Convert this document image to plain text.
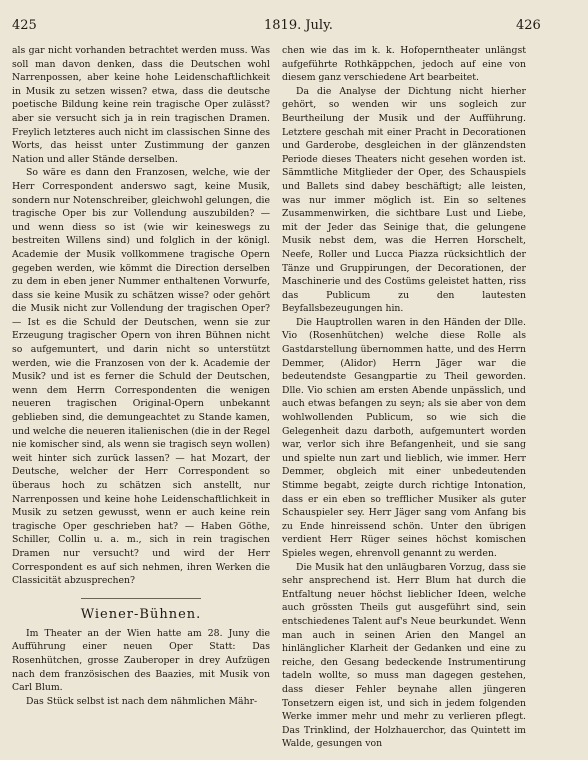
425	1819. July.	426

als gar nicht vorhanden betrachtet werden muss. Was soll man davon denken, dass die Deutschen wohl Narrenpossen, aber keine hohe Leidenschaftlichkeit in Musik zu setzen wissen? etwa, dass die deutsche poetische Bildung keine rein tragische Oper zulässt? aber sie versucht sich ja in rein tragischen Dramen. Freylich letzteres auch nicht im classischen Sinne des Worts, das heisst unter Zustimmung der ganzen Nation und aller Stände derselben.

So wäre es dann den Franzosen, welche, wie der Herr Correspondent anderswo sagt, keine Musik, sondern nur Notenschreiber, gleichwohl gelungen, die tragische Oper bis zur Vollendung auszubilden? — und wenn diess so ist (wie wir keineswegs zu bestreiten Willens sind) und folglich in der königl. Academie der Musik vollkommene tragische Opern gegeben werden, wie kömmt die Direction derselben zu dem in eben jener Nummer enthaltenen Vorwurfe, dass sie keine Musik zu schätzen wisse? oder gehört die Musik nicht zur Vollendung der tragischen Oper? — Ist es die Schuld der Deutschen, wenn sie zur Erzeugung tragischer Opern von ihren Bühnen nicht so aufgemuntert, und darin nicht so unterstützt werden, wie die Franzosen von der k. Academie der Musik? und ist es ferner die Schuld der Deutschen, wenn dem Herrn Correspondenten die wenigen neueren tragischen Original-Opern unbekannt geblieben sind, die demungeachtet zu Stande kamen, und welche die neueren italienischen (die in der Regel nie komischer sind, als wenn sie tragisch seyn wollen) weit hinter sich zurück lassen? — hat Mozart, der Deutsche, welcher der Herr Correspondent so überaus hoch zu schätzen sich anstellt, nur Narrenpossen und keine hohe Leidenschaftlichkeit in Musik zu setzen gewusst, wenn er auch keine rein tragische Oper geschrieben hat? — Haben Göthe, Schiller, Collin u. a. m., sich in rein tragischen Dramen nur versucht? und wird der Herr Correspondent es auf sich nehmen, ihren Werken die Classicität abzusprechen?

Wiener-Bühnen.

Im Theater an der Wien hatte am 28. Juny die Aufführung einer neuen Oper Statt: Das Rosenhütchen, grosse Zauberoper in drey Aufzügen nach dem französischen des Baazies, mit Musik von Carl Blum.

Das Stück selbst ist nach dem nähmlichen Mähr-

chen wie das im k. k. Hofoperntheater unlängst aufgeführte Rothkäppchen, jedoch auf eine von diesem ganz verschiedene Art bearbeitet.

Da die Analyse der Dichtung nicht hierher gehört, so wenden wir uns sogleich zur Beurtheilung der Musik und der Aufführung. Letztere geschah mit einer Pracht in Decorationen und Garderobe, desgleichen in der glänzendsten Periode dieses Theaters nicht gesehen worden ist. Sämmtliche Mitglieder der Oper, des Schauspiels und Ballets sind dabey beschäftigt; alle leisten, was nur immer möglich ist. Ein so seltenes Zusammenwirken, die sichtbare Lust und Liebe, mit der Jeder das Seinige that, die gelungene Musik nebst dem, was die Herren Horschelt, Neefe, Roller und Lucca Piazza rücksichtlich der Tänze und Gruppirungen, der Decorationen, der Maschinerie und des Costüms geleistet hatten, riss das Publicum zu den lautesten Beyfallsbezeugungen hin.

Die Hauptrollen waren in den Händen der Dlle. Vio (Rosenhütchen) welche diese Rolle als Gastdarstellung übernommen hatte, und des Herrn Demmer, (Alidor) Herrn Jäger war die bedeutendste Gesangpartie zu Theil geworden. Dlle. Vio schien am ersten Abende unpässlich, und auch etwas befangen zu seyn; als sie aber von dem wohlwollenden Publicum, so wie sich die Gelegenheit dazu darboth, aufgemuntert worden war, verlor sich ihre Befangenheit, und sie sang und spielte nun zart und lieblich, wie immer. Herr Demmer, obgleich mit einer unbedeutenden Stimme begabt, zeigte durch richtige Intonation, dass er ein eben so trefflicher Musiker als guter Schauspieler sey. Herr Jäger sang vom Anfang bis zu Ende hinreissend schön. Unter den übrigen verdient Herr Rüger seines höchst komischen Spieles wegen, ehrenvoll genannt zu werden.

Die Musik hat den unläugbaren Vorzug, dass sie sehr ansprechend ist. Herr Blum hat durch die Entfaltung neuer höchst lieblicher Ideen, welche auch grössten Theils gut ausgeführt sind, sein entschiedenes Talent auf's Neue beurkundet. Wenn man auch in seinen Arien den Mangel an hinlänglicher Klarheit der Gedanken und eine zu reiche, den Gesang bedeckende Instrumentirung tadeln wollte, so muss man dagegen gestehen, dass dieser Fehler beynahe allen jüngeren Tonsetzern eigen ist, und sich in jedem folgenden Werke immer mehr und mehr zu verlieren pflegt. Das Trinklind, der Holzhauerchor, das Quintett im Walde, gesungen von
